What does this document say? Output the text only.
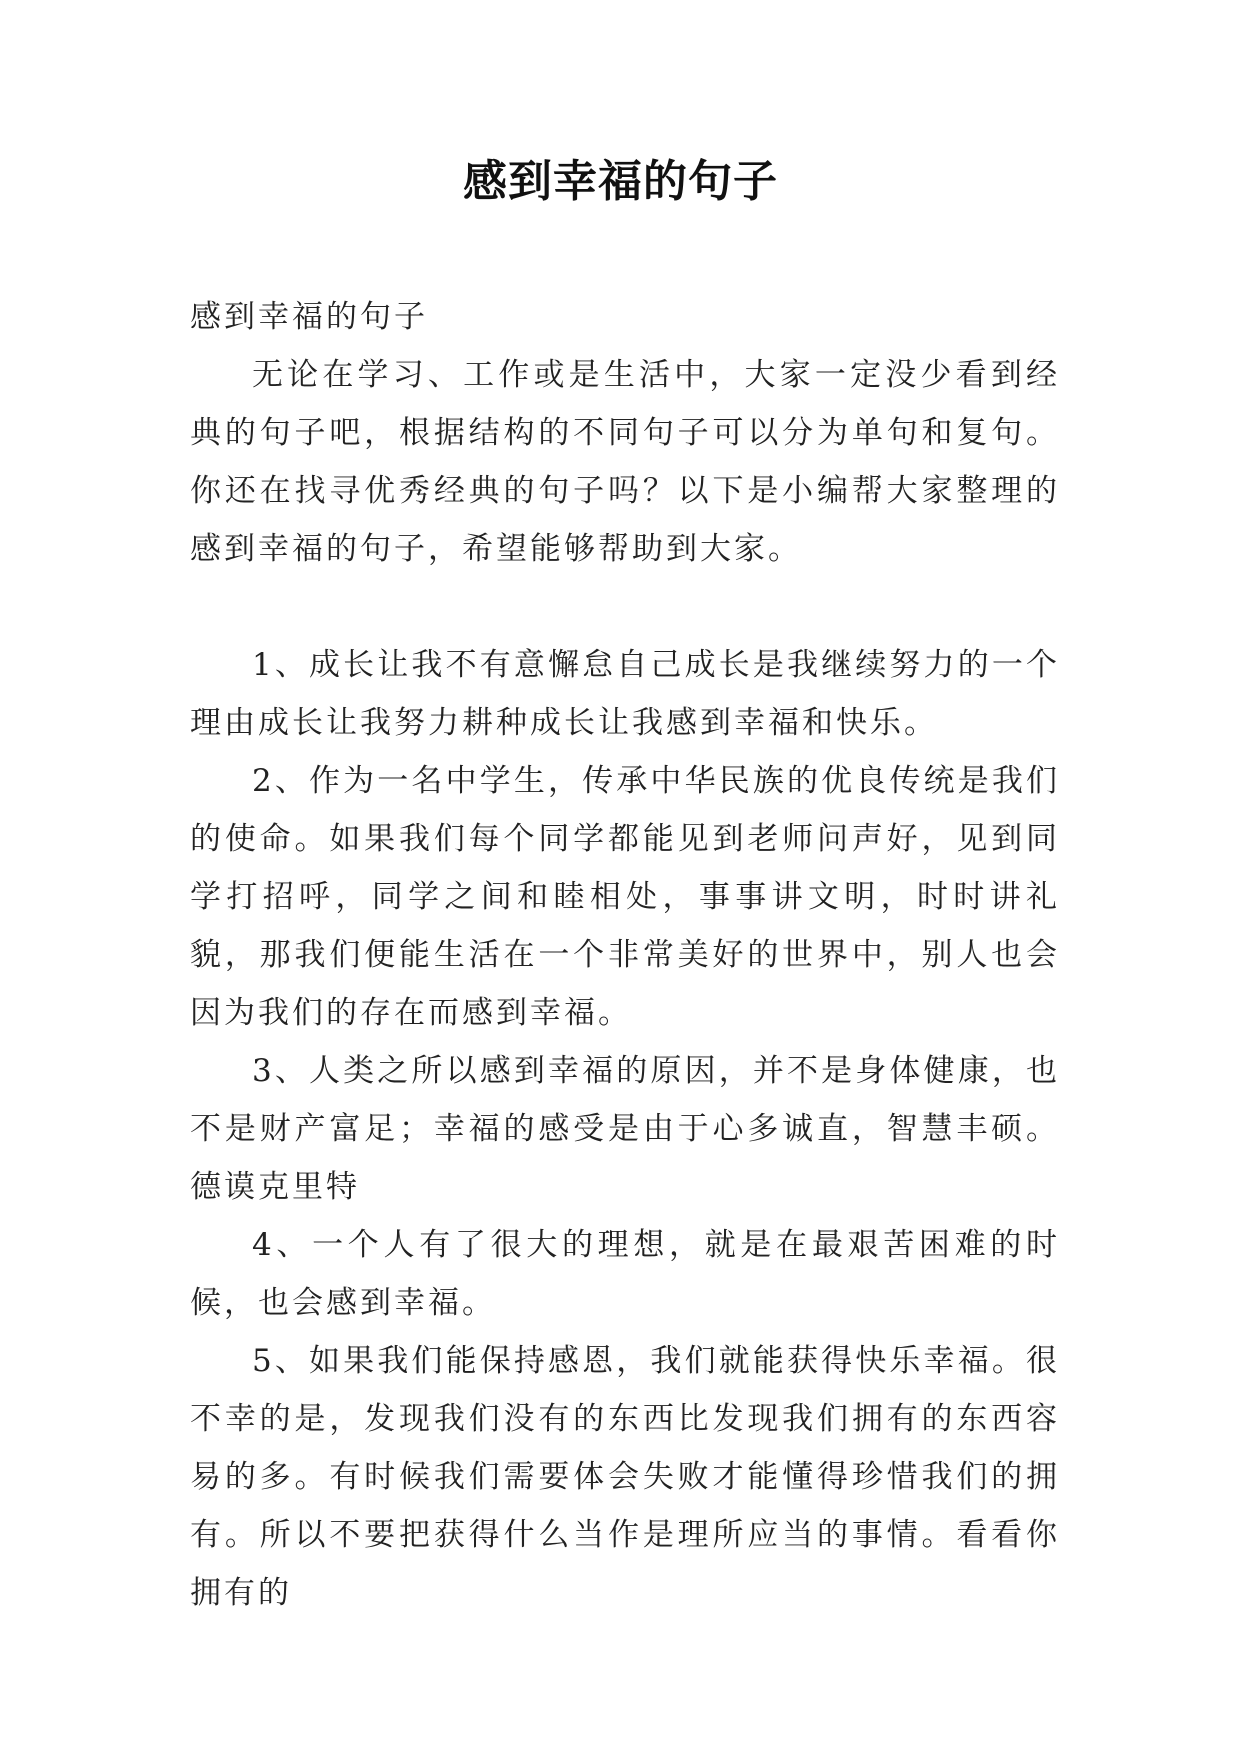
感到幸福的句子

感到幸福的句子

无论在学习、工作或是生活中，大家一定没少看到经典的句子吧，根据结构的不同句子可以分为单句和复句。你还在找寻优秀经典的句子吗？以下是小编帮大家整理的感到幸福的句子，希望能够帮助到大家。

1、成长让我不有意懈怠自己成长是我继续努力的一个理由成长让我努力耕种成长让我感到幸福和快乐。

2、作为一名中学生，传承中华民族的优良传统是我们的使命。如果我们每个同学都能见到老师问声好，见到同学打招呼，同学之间和睦相处，事事讲文明，时时讲礼貌，那我们便能生活在一个非常美好的世界中，别人也会因为我们的存在而感到幸福。

3、人类之所以感到幸福的原因，并不是身体健康，也不是财产富足；幸福的感受是由于心多诚直，智慧丰硕。德谟克里特

4、一个人有了很大的理想，就是在最艰苦困难的时候，也会感到幸福。

5、如果我们能保持感恩，我们就能获得快乐幸福。很不幸的是，发现我们没有的东西比发现我们拥有的东西容易的多。有时候我们需要体会失败才能懂得珍惜我们的拥有。所以不要把获得什么当作是理所应当的事情。看看你拥有的
